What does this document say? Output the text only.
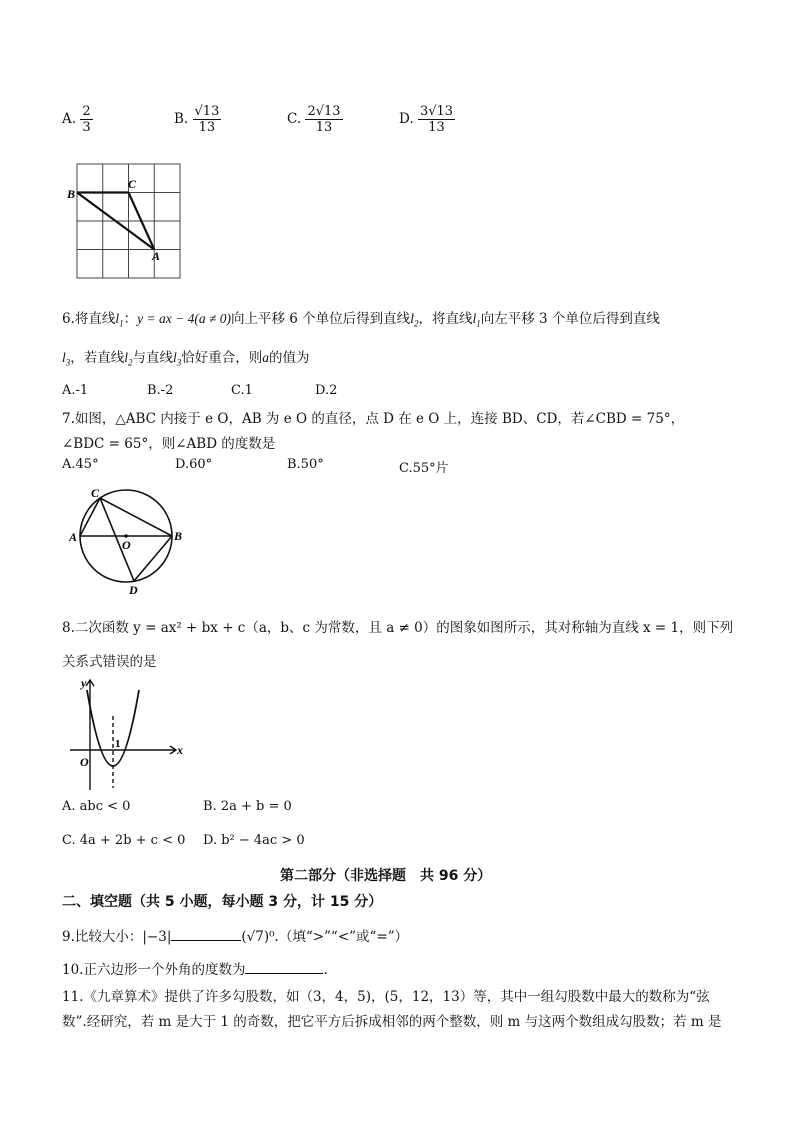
A. $\frac{2}{3}$	B. $\frac{√13}{13}$	C. $\frac{2√13}{13}$	D. $\frac{3√13}{13}$
B
C
A
6.将直线$l_1$：y = ax − 4(a ≠ 0)向上平移 6 个单位后得到直线$l_2$，将直线$l_1$向左平移 3 个单位后得到直线
$l_3$，若直线$l_2$与直线$l_3$恰好重合，则a的值为
A.-1	B.-2	C.1	D.2
7.如图，△ABC 内接于 e O，AB 为 e O 的直径，点 D 在 e O 上，连接 BD、CD，若∠CBD = 75°，
∠BDC = 65°，则∠ABD 的度数是
A.45°	D.60°	B.50°	C.55°片
C
A
O
B
D
8.二次函数 y = ax² + bx + c（a，b、c 为常数，且 a ≠ 0）的图象如图所示，其对称轴为直线 x = 1，则下列
关系式错误的是
y
x
O
1
A. abc < 0	B. 2a + b = 0
C. 4a + 2b + c < 0 D. b² − 4ac > 0
第二部分（非选择题　共 96 分）
二、填空题（共 5 小题，每小题 3 分，计 15 分）
9.比较大小：|−3|	(√7)⁰.（填“>”“<”或“=”）
10.正六边形一个外角的度数为	.
11.《九章算术》提供了许多勾股数，如（3，4，5)，(5，12，13）等，其中一组勾股数中最大的数称为“弦
数”.经研究，若 m 是大于 1 的奇数，把它平方后拆成相邻的两个整数，则 m 与这两个数组成勾股数；若 m 是
